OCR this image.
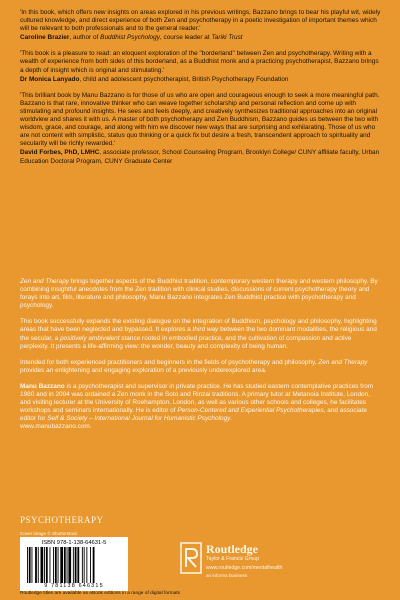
'In this book, which offers new insights on areas explored in his previous writings, Bazzano brings to bear his playful wit, widely cultured knowledge, and direct experience of both Zen and psychotherapy in a poetic investigation of important themes which will be relevant to both professionals and to the general reader.'

Caroline Brazier, author of Buddhist Psychology, course leader at Tariki Trust

'This book is a pleasure to read: an eloquent exploration of the "borderland" between Zen and psychotherapy. Writing with a wealth of experience from both sides of this borderland, as a Buddhist monk and a practicing psychotherapist, Bazzano brings a depth of insight which is original and stimulating.'

Dr Monica Lanyado, child and adolescent psychotherapist, British Psychotherapy Foundation

'This brilliant book by Manu Bazzano is for those of us who are open and courageous enough to seek a more meaningful path. Bazzano is that rare, innovative thinker who can weave together scholarship and personal reflection and come up with stimulating and profound insights. He sees and feels deeply, and creatively synthesizes traditional approaches into an original worldview and shares it with us. A master of both psychotherapy and Zen Buddhism, Bazzano guides us between the two with wisdom, grace, and courage, and along with him we discover new ways that are surprising and exhilarating. Those of us who are not content with simplistic, status quo thinking or a quick fix but desire a fresh, transcendent approach to spirituality and secularity will be richly rewarded.'

David Forbes, PhD, LMHC, associate professor, School Counseling Program, Brooklyn College/ CUNY affiliate faculty, Urban Education Doctoral Program, CUNY Graduate Center

Zen and Therapy brings together aspects of the Buddhist tradition, contemporary western therapy and western philosophy. By combining insightful anecdotes from the Zen tradition with clinical studies, discussions of current psychotherapy theory and forays into art, film, literature and philosophy, Manu Bazzano integrates Zen Buddhist practice with psychotherapy and psychology.

This book successfully expands the existing dialogue on the integration of Buddhism, psychology and philosophy, highlighting areas that have been neglected and bypassed. It explores a third way between the two dominant modalities, the religious and the secular, a positively ambivalent stance rooted in embodied practice, and the cultivation of compassion and active perplexity. It presents a life-affirming view: the wonder, beauty and complexity of being human.

Intended for both experienced practitioners and beginners in the fields of psychotherapy and philosophy, Zen and Therapy provides an enlightening and engaging exploration of a previously underexplored area.

Manu Bazzano is a psychotherapist and supervisor in private practice. He has studied eastern contemplative practices from 1980 and in 2004 was ordained a Zen monk in the Soto and Rinzai traditions. A primary tutor at Metanoia Institute, London, and visiting lecturer at the University of Roehampton, London, as well as various other schools and colleges, he facilitates workshops and seminars internationally. He is editor of Person-Centered and Experiential Psychotherapies, and associate editor for Self & Society – International Journal for Humanistic Psychology.
www.manubazzano.com.

PSYCHOTHERAPY
Cover image © Shutterstock
ISBN 978-1-138-64631-5
9 781138 646315
Routledge
Taylor & Francis Group
www.routledge.com/mentalhealth
an informa business
Routledge titles are available as eBook editions in a range of digital formats
